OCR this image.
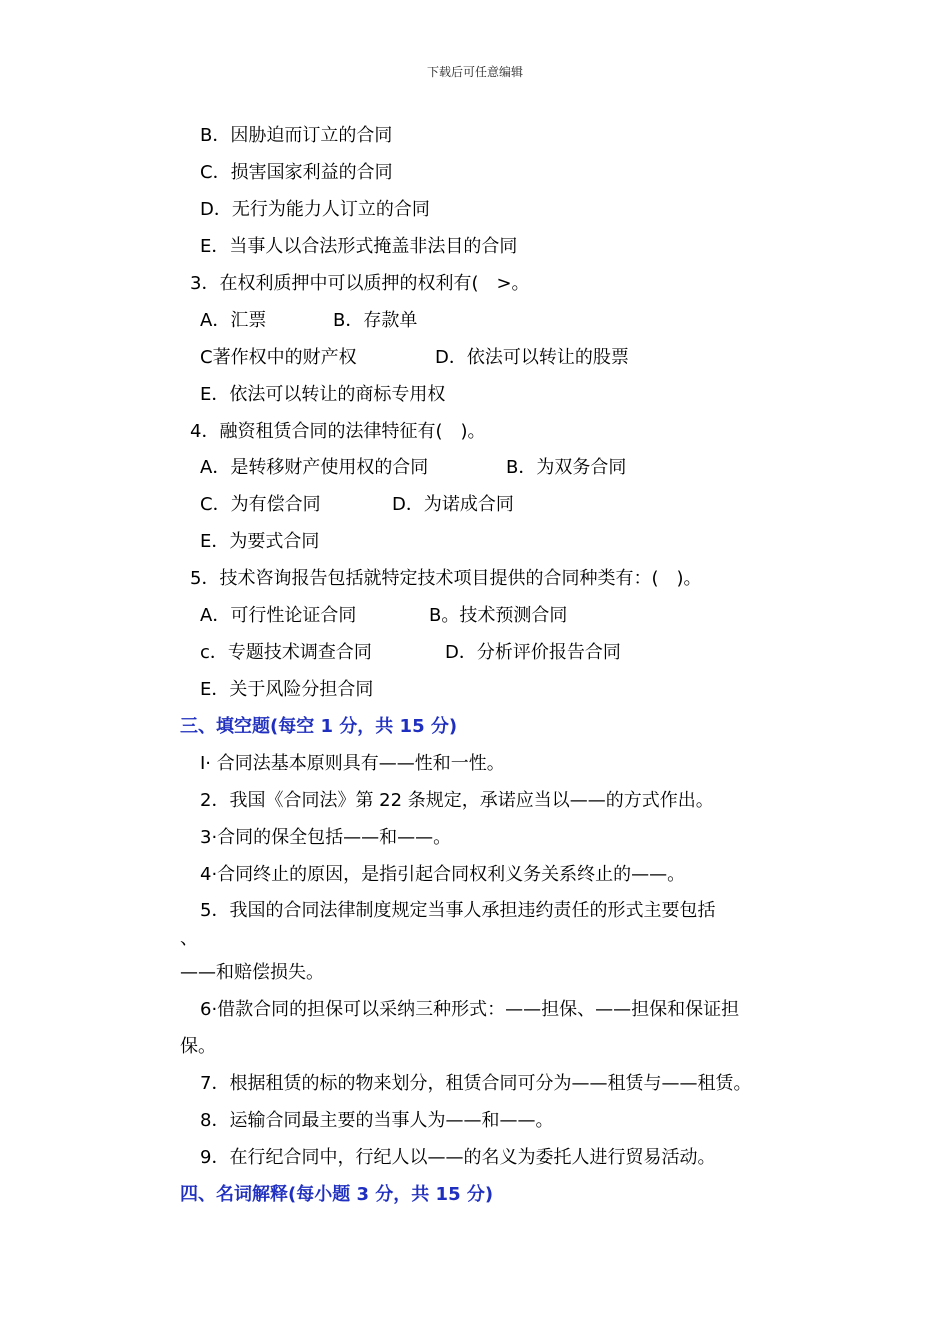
下载后可任意编辑
B．因胁迫而订立的合同
C．损害国家利益的合同
D．无行为能力人订立的合同
E．当事人以合法形式掩盖非法目的合同
3．在权利质押中可以质押的权利有(　>。
A．汇票	B．存款单
C著作权中的财产权	D．依法可以转让的股票
E．依法可以转让的商标专用权
4．融资租赁合同的法律特征有(　)。
A．是转移财产使用权的合同	B．为双务合同
C．为有偿合同	D．为诺成合同
E．为要式合同
5．技术咨询报告包括就特定技术项目提供的合同种类有：(　)。
A．可行性论证合同	B。技术预测合同
c．专题技术调查合同	D．分析评价报告合同
E．关于风险分担合同
三、填空题(每空 1 分，共 15 分)
I· 合同法基本原则具有——性和一性。
2．我国《合同法》第 22 条规定，承诺应当以——的方式作出。
3·合同的保全包括——和——。
4·合同终止的原因，是指引起合同权利义务关系终止的——。
5．我国的合同法律制度规定当事人承担违约责任的形式主要包括
、
——和赔偿损失。
6·借款合同的担保可以采纳三种形式：——担保、——担保和保证担
保。
7．根据租赁的标的物来划分，租赁合同可分为——租赁与——租赁。
8．运输合同最主要的当事人为——和——。
9．在行纪合同中，行纪人以——的名义为委托人进行贸易活动。
四、名词解释(每小题 3 分，共 15 分)
